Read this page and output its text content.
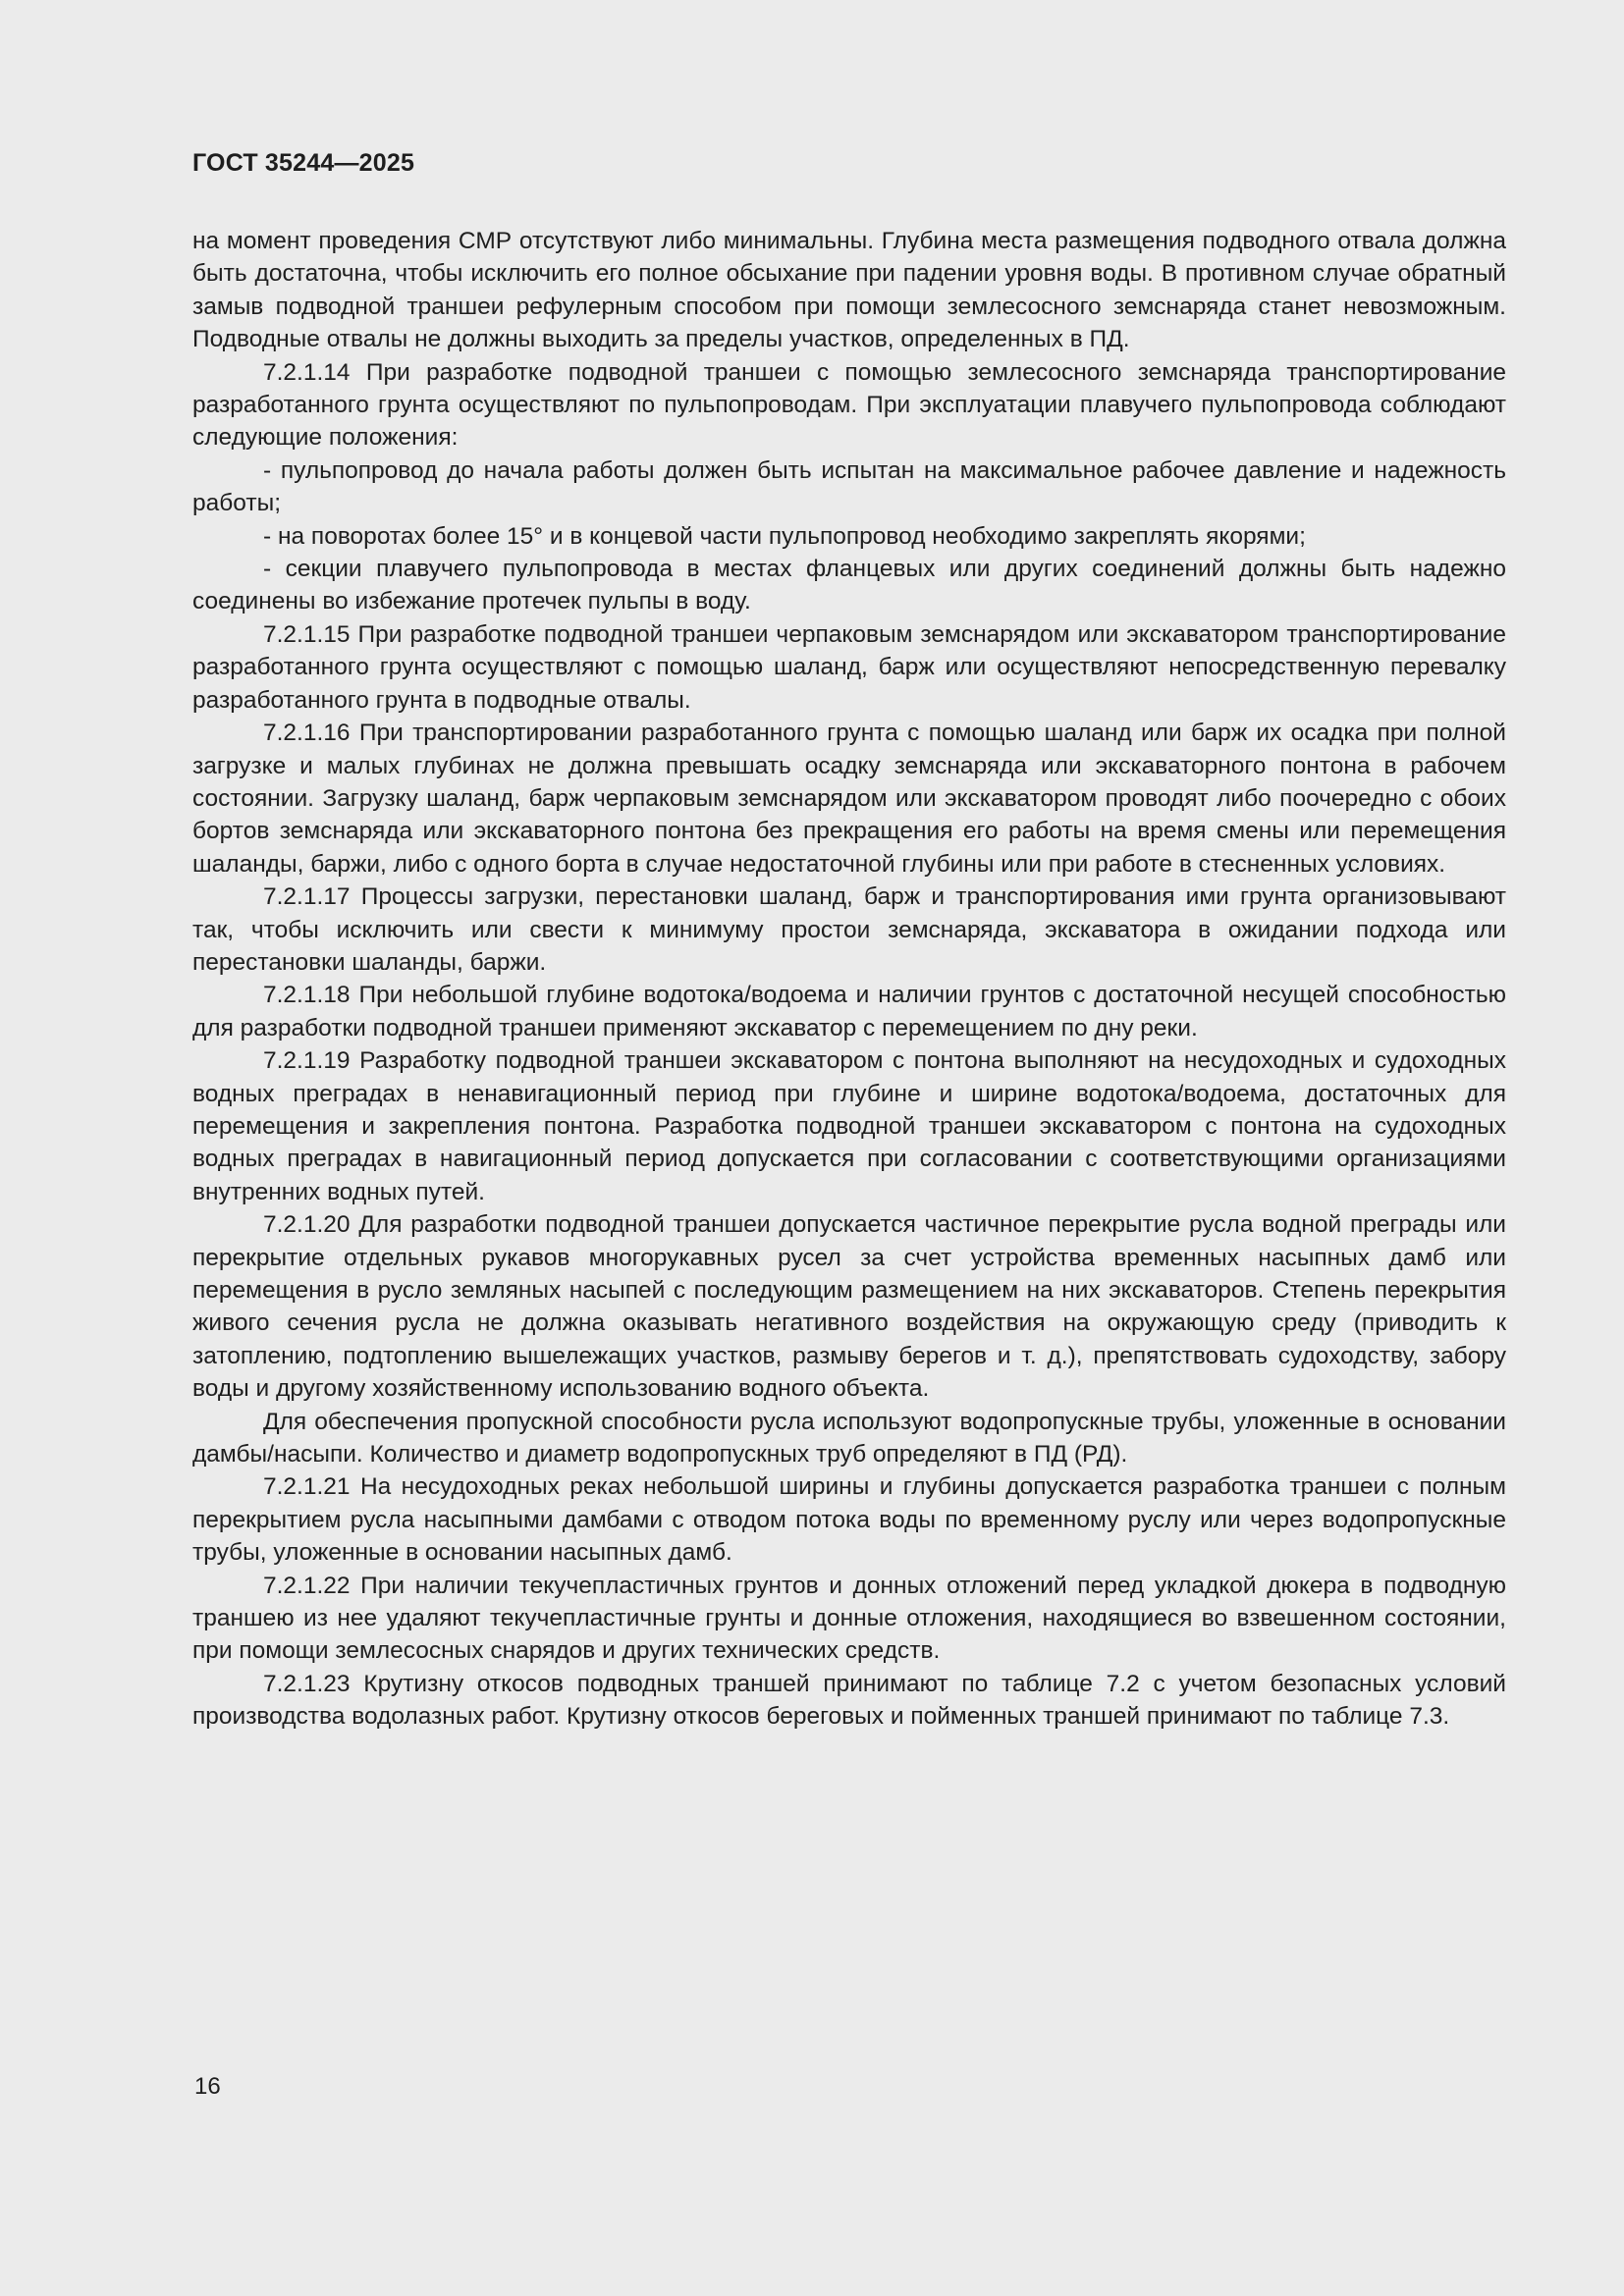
ГОСТ 35244—2025

на момент проведения СМР отсутствуют либо минимальны. Глубина места размещения подводного отвала должна быть достаточна, чтобы исключить его полное обсыхание при падении уровня воды. В противном случае обратный замыв подводной траншеи рефулерным способом при помощи землесосного земснаряда станет невозможным. Подводные отвалы не должны выходить за пределы участков, определенных в ПД.

7.2.1.14 При разработке подводной траншеи с помощью землесосного земснаряда транспортирование разработанного грунта осуществляют по пульпопроводам. При эксплуатации плавучего пульпопровода соблюдают следующие положения:

- пульпопровод до начала работы должен быть испытан на максимальное рабочее давление и надежность работы;

- на поворотах более 15° и в концевой части пульпопровод необходимо закреплять якорями;

- секции плавучего пульпопровода в местах фланцевых или других соединений должны быть надежно соединены во избежание протечек пульпы в воду.

7.2.1.15 При разработке подводной траншеи черпаковым земснарядом или экскаватором транспортирование разработанного грунта осуществляют с помощью шаланд, барж или осуществляют непосредственную перевалку разработанного грунта в подводные отвалы.

7.2.1.16 При транспортировании разработанного грунта с помощью шаланд или барж их осадка при полной загрузке и малых глубинах не должна превышать осадку земснаряда или экскаваторного понтона в рабочем состоянии. Загрузку шаланд, барж черпаковым земснарядом или экскаватором проводят либо поочередно с обоих бортов земснаряда или экскаваторного понтона без прекращения его работы на время смены или перемещения шаланды, баржи, либо с одного борта в случае недостаточной глубины или при работе в стесненных условиях.

7.2.1.17 Процессы загрузки, перестановки шаланд, барж и транспортирования ими грунта организовывают так, чтобы исключить или свести к минимуму простои земснаряда, экскаватора в ожидании подхода или перестановки шаланды, баржи.

7.2.1.18 При небольшой глубине водотока/водоема и наличии грунтов с достаточной несущей способностью для разработки подводной траншеи применяют экскаватор с перемещением по дну реки.

7.2.1.19 Разработку подводной траншеи экскаватором с понтона выполняют на несудоходных и судоходных водных преградах в ненавигационный период при глубине и ширине водотока/водоема, достаточных для перемещения и закрепления понтона. Разработка подводной траншеи экскаватором с понтона на судоходных водных преградах в навигационный период допускается при согласовании с соответствующими организациями внутренних водных путей.

7.2.1.20 Для разработки подводной траншеи допускается частичное перекрытие русла водной преграды или перекрытие отдельных рукавов многорукавных русел за счет устройства временных насыпных дамб или перемещения в русло земляных насыпей с последующим размещением на них экскаваторов. Степень перекрытия живого сечения русла не должна оказывать негативного воздействия на окружающую среду (приводить к затоплению, подтоплению вышележащих участков, размыву берегов и т. д.), препятствовать судоходству, забору воды и другому хозяйственному использованию водного объекта.

Для обеспечения пропускной способности русла используют водопропускные трубы, уложенные в основании дамбы/насыпи. Количество и диаметр водопропускных труб определяют в ПД (РД).

7.2.1.21 На несудоходных реках небольшой ширины и глубины допускается разработка траншеи с полным перекрытием русла насыпными дамбами с отводом потока воды по временному руслу или через водопропускные трубы, уложенные в основании насыпных дамб.

7.2.1.22 При наличии текучепластичных грунтов и донных отложений перед укладкой дюкера в подводную траншею из нее удаляют текучепластичные грунты и донные отложения, находящиеся во взвешенном состоянии, при помощи землесосных снарядов и других технических средств.

7.2.1.23 Крутизну откосов подводных траншей принимают по таблице 7.2 с учетом безопасных условий производства водолазных работ. Крутизну откосов береговых и пойменных траншей принимают по таблице 7.3.

16
